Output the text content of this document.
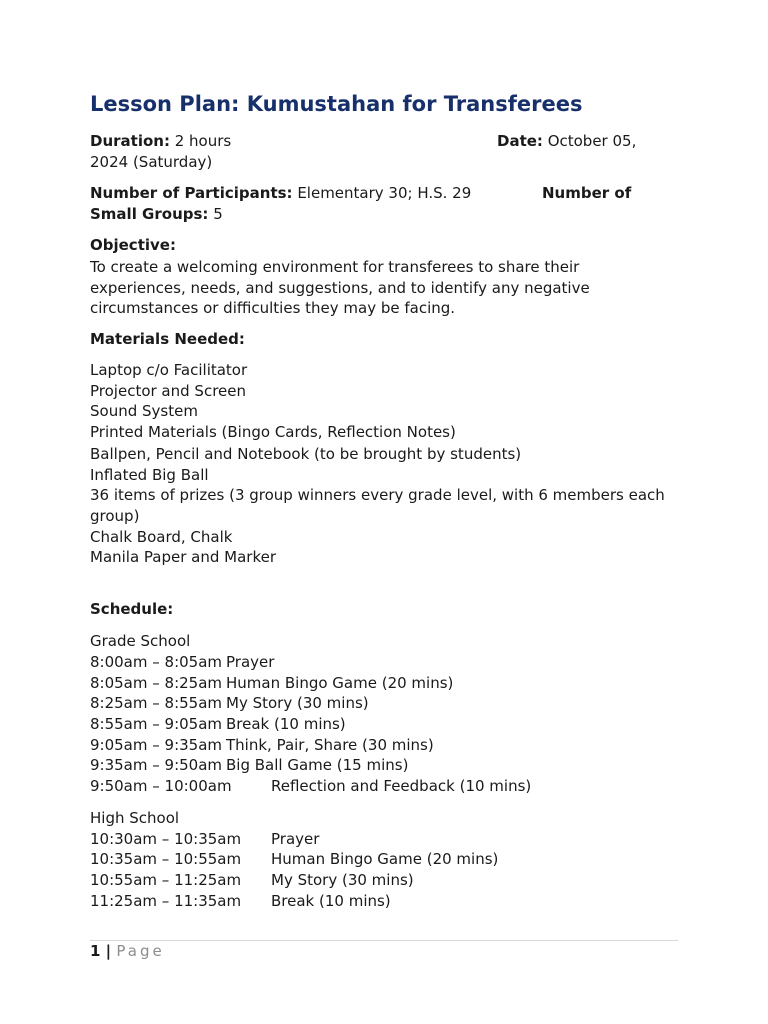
Lesson Plan: Kumustahan for Transferees
Duration: 2 hours	Date: October 05,
2024 (Saturday)
Number of Participants: Elementary 30; H.S. 29	Number of
Small Groups: 5
Objective:
To create a welcoming environment for transferees to share their
experiences, needs, and suggestions, and to identify any negative
circumstances or difficulties they may be facing.
Materials Needed:
Laptop c/o Facilitator
Projector and Screen
Sound System
Printed Materials (Bingo Cards, Reflection Notes)
Ballpen, Pencil and Notebook (to be brought by students)
Inflated Big Ball
36 items of prizes (3 group winners every grade level, with 6 members each
group)
Chalk Board, Chalk
Manila Paper and Marker
Schedule:
Grade School
8:00am – 8:05am Prayer
8:05am – 8:25am Human Bingo Game (20 mins)
8:25am – 8:55am My Story (30 mins)
8:55am – 9:05am Break (10 mins)
9:05am – 9:35am Think, Pair, Share (30 mins)
9:35am – 9:50am Big Ball Game (15 mins)
9:50am – 10:00am	Reflection and Feedback (10 mins)
High School
10:30am – 10:35am Prayer
10:35am – 10:55am Human Bingo Game (20 mins)
10:55am – 11:25am My Story (30 mins)
11:25am – 11:35am Break (10 mins)
1 | Page
